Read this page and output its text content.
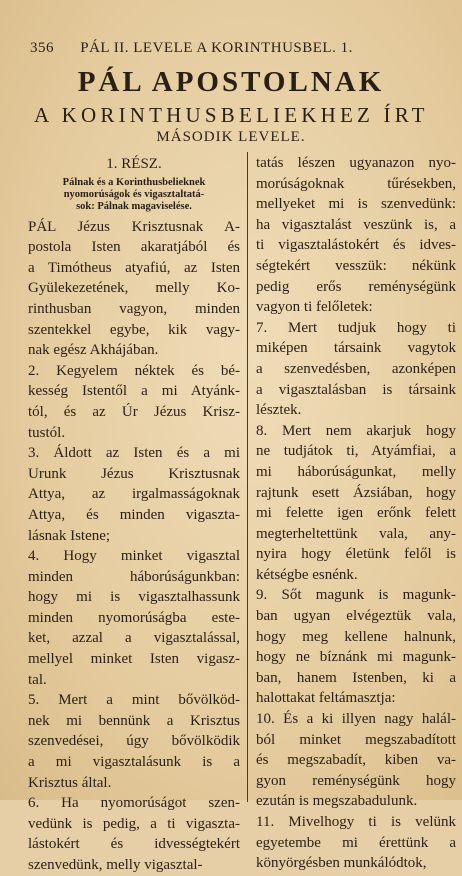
356 PÁL II. LEVELE A KORINTHUSBEL. 1.
PÁL APOSTOLNAK
A KORINTHUSBELIEKHEZ ÍRT
MÁSODIK LEVELE.
1. RÉSZ.
Pálnak és a Korinthusbelieknek
nyomorúságok és vigasztaltatá-
sok: Pálnak magaviselése.
PÁL Jézus Krisztusnak A-
postola Isten akaratjából és
a Timótheus atyafiú, az Isten
Gyülekezetének, melly Ko-
rinthusban vagyon, minden
szentekkel egybe, kik vagy-
nak egész Akhájában.
2. Kegyelem néktek és bé-
kesség Istentől a mi Atyánk-
tól, és az Úr Jézus Krisz-
tustól.
3. Áldott az Isten és a mi
Urunk Jézus Krisztusnak
Attya, az irgalmasságoknak
Attya, és minden vigaszta-
lásnak Istene;
4. Hogy minket vigasztal
minden háborúságunkban:
hogy mi is vigasztalhassunk
minden nyomorúságba este-
ket, azzal a vigasztalással,
mellyel minket Isten vigasz-
tal.
5. Mert a mint bővölköd-
nek mi bennünk a Krisztus
szenvedései, úgy bővölködik
a mi vigasztalásunk is a
Krisztus által.
6. Ha nyomorúságot szen-
vedünk is pedig, a ti vigaszta-
lástokért és idvességtekért
szenvedünk, melly vigasztal-
tatás lészen ugyanazon nyo-
morúságoknak tűrésekben,
mellyeket mi is szenvedünk:
ha vigasztalást veszünk is, a
ti vigasztalástokért és idves-
ségtekért vesszük: nékünk
pedig erős reménységünk
vagyon ti felőletek:
7. Mert tudjuk hogy ti
miképen társaink vagytok
a szenvedésben, azonképen
a vigasztalásban is társaink
lésztek.
8. Mert nem akarjuk hogy
ne tudjátok ti, Atyámfiai, a
mi háborúságunkat, melly
rajtunk esett Ázsiában, hogy
mi felette igen erőnk felett
megterheltettünk vala, any-
nyira hogy életünk felől is
kétségbe esnénk.
9. Sőt magunk is magunk-
ban ugyan elvégeztük vala,
hogy meg kellene halnunk,
hogy ne bíznánk mi magunk-
ban, hanem Istenben, ki a
halottakat feltámasztja:
10. És a ki illyen nagy halál-
ból minket megszabadított
és megszabadít, kiben va-
gyon reménységünk hogy
ezután is megszabadulunk.
11. Mivelhogy ti is velünk
egyetembe mi érettünk a
könyörgésben munkálódtok,
